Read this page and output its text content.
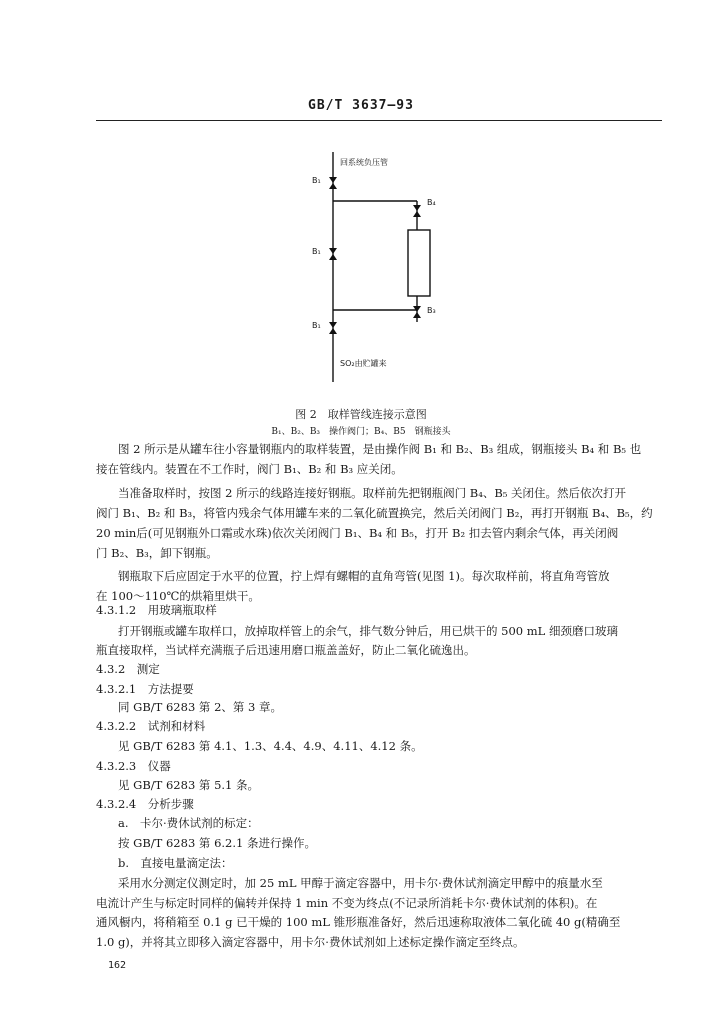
GB/T 3637—93
回系统负压管
B₁
B₁
B₁
B₄
B₃
SO₂由贮罐来
图 2　取样管线连接示意图
B₁、B₂、B₃　操作阀门；B₄、B5　钢瓶接头
图 2 所示是从罐车往小容量钢瓶内的取样装置，是由操作阀 B₁ 和 B₂、B₃ 组成，钢瓶接头 B₄ 和 B₅ 也
接在管线内。装置在不工作时，阀门 B₁、B₂ 和 B₃ 应关闭。
当准备取样时，按图 2 所示的线路连接好钢瓶。取样前先把钢瓶阀门 B₄、B₅ 关闭住。然后依次打开
阀门 B₁、B₂ 和 B₃，将管内残余气体用罐车来的二氧化硫置换完，然后关闭阀门 B₂，再打开钢瓶 B₄、B₅，约
20 min后(可见钢瓶外口霜或水珠)依次关闭阀门 B₁、B₄ 和 B₅，打开 B₂ 扣去管内剩余气体，再关闭阀
门 B₂、B₃，卸下钢瓶。
钢瓶取下后应固定于水平的位置，拧上焊有螺帽的直角弯管(见图 1)。每次取样前，将直角弯管放
在 100～110℃的烘箱里烘干。
4.3.1.2　用玻璃瓶取样
打开钢瓶或罐车取样口，放掉取样管上的余气，排气数分钟后，用已烘干的 500 mL 细颈磨口玻璃
瓶直接取样，当试样充满瓶子后迅速用磨口瓶盖盖好，防止二氧化硫逸出。
4.3.2　测定
4.3.2.1　方法提要
同 GB/T 6283 第 2、第 3 章。
4.3.2.2　试剂和材料
见 GB/T 6283 第 4.1、1.3、4.4、4.9、4.11、4.12 条。
4.3.2.3　仪器
见 GB/T 6283 第 5.1 条。
4.3.2.4　分析步骤
a.　卡尔·费休试剂的标定：
按 GB/T 6283 第 6.2.1 条进行操作。
b.　直接电量滴定法：
采用水分测定仪测定时，加 25 mL 甲醇于滴定容器中，用卡尔·费休试剂滴定甲醇中的痕量水至
电流计产生与标定时同样的偏转并保持 1 min 不变为终点(不记录所消耗卡尔·费休试剂的体积)。在
通风橱内，将稍箱至 0.1 g 已干燥的 100 mL 锥形瓶准备好，然后迅速称取液体二氧化硫 40 g(精确至
1.0 g)，并将其立即移入滴定容器中，用卡尔·费休试剂如上述标定操作滴定至终点。
162
